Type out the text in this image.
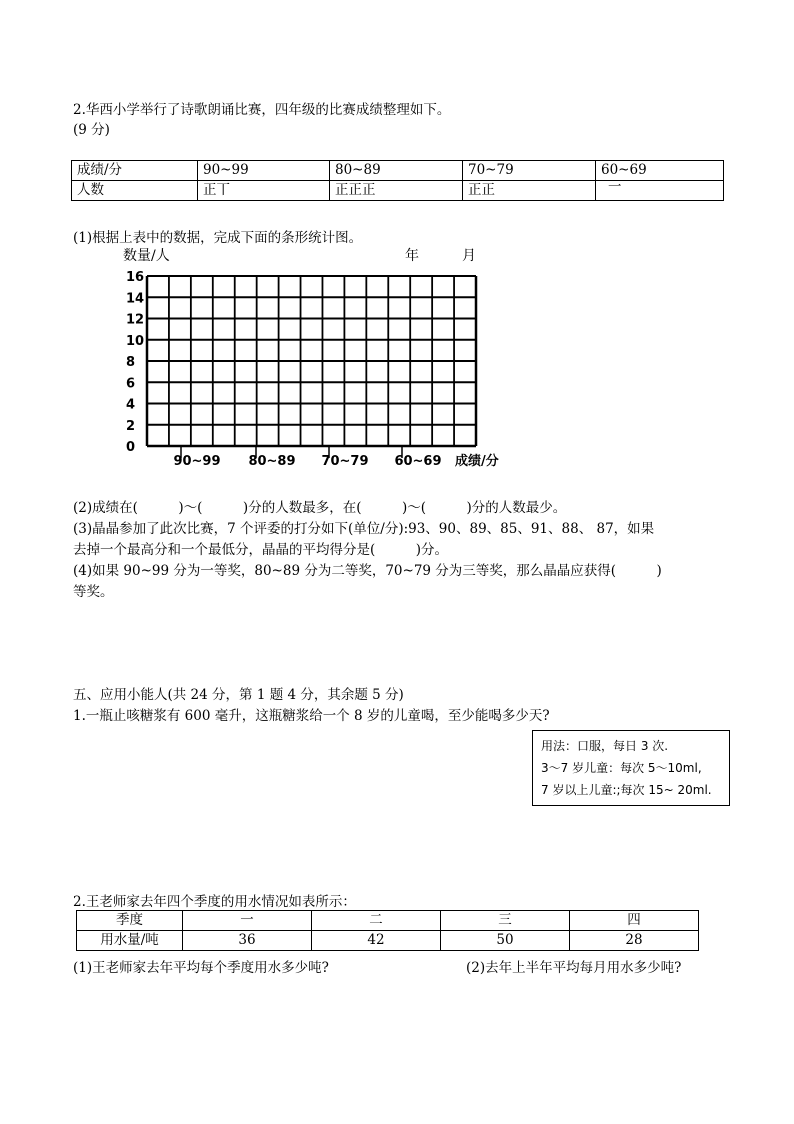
2.华西小学举行了诗歌朗诵比赛，四年级的比赛成绩整理如下。
(9 分)
成绩/分	90~99	80~89	70~79	60~69
人数	正丅	正正正	正正	一
(1)根据上表中的数据，完成下面的条形统计图。
16
14
12
10
8
6
4
2
0
90~99 80~89 70~79 60~69
数量/人	年	月
成绩/分
(2)成绩在(　　　)～(　　　)分的人数最多，在(　　　)～(　　　)分的人数最少。
(3)晶晶参加了此次比赛，7 个评委的打分如下(单位/分):93、90、89、85、91、88、 87，如果
去掉一个最高分和一个最低分，晶晶的平均得分是(　　　)分。
(4)如果 90~99 分为一等奖，80~89 分为二等奖，70~79 分为三等奖，那么晶晶应获得(　　　)
等奖。
五、应用小能人(共 24 分，第 1 题 4 分，其余题 5 分)
1.一瓶止咳糖浆有 600 毫升，这瓶糖浆给一个 8 岁的儿童喝，至少能喝多少天?
用法：口服，每日 3 次.
3～7 岁儿童：每次 5～10ml,
7 岁以上儿童:;每次 15~ 20ml.
2.王老师家去年四个季度的用水情况如表所示：
季度	一	二	三	四
用水量/吨	36	42	50	28
(1)王老师家去年平均每个季度用水多少吨?	(2)去年上半年平均每月用水多少吨?
